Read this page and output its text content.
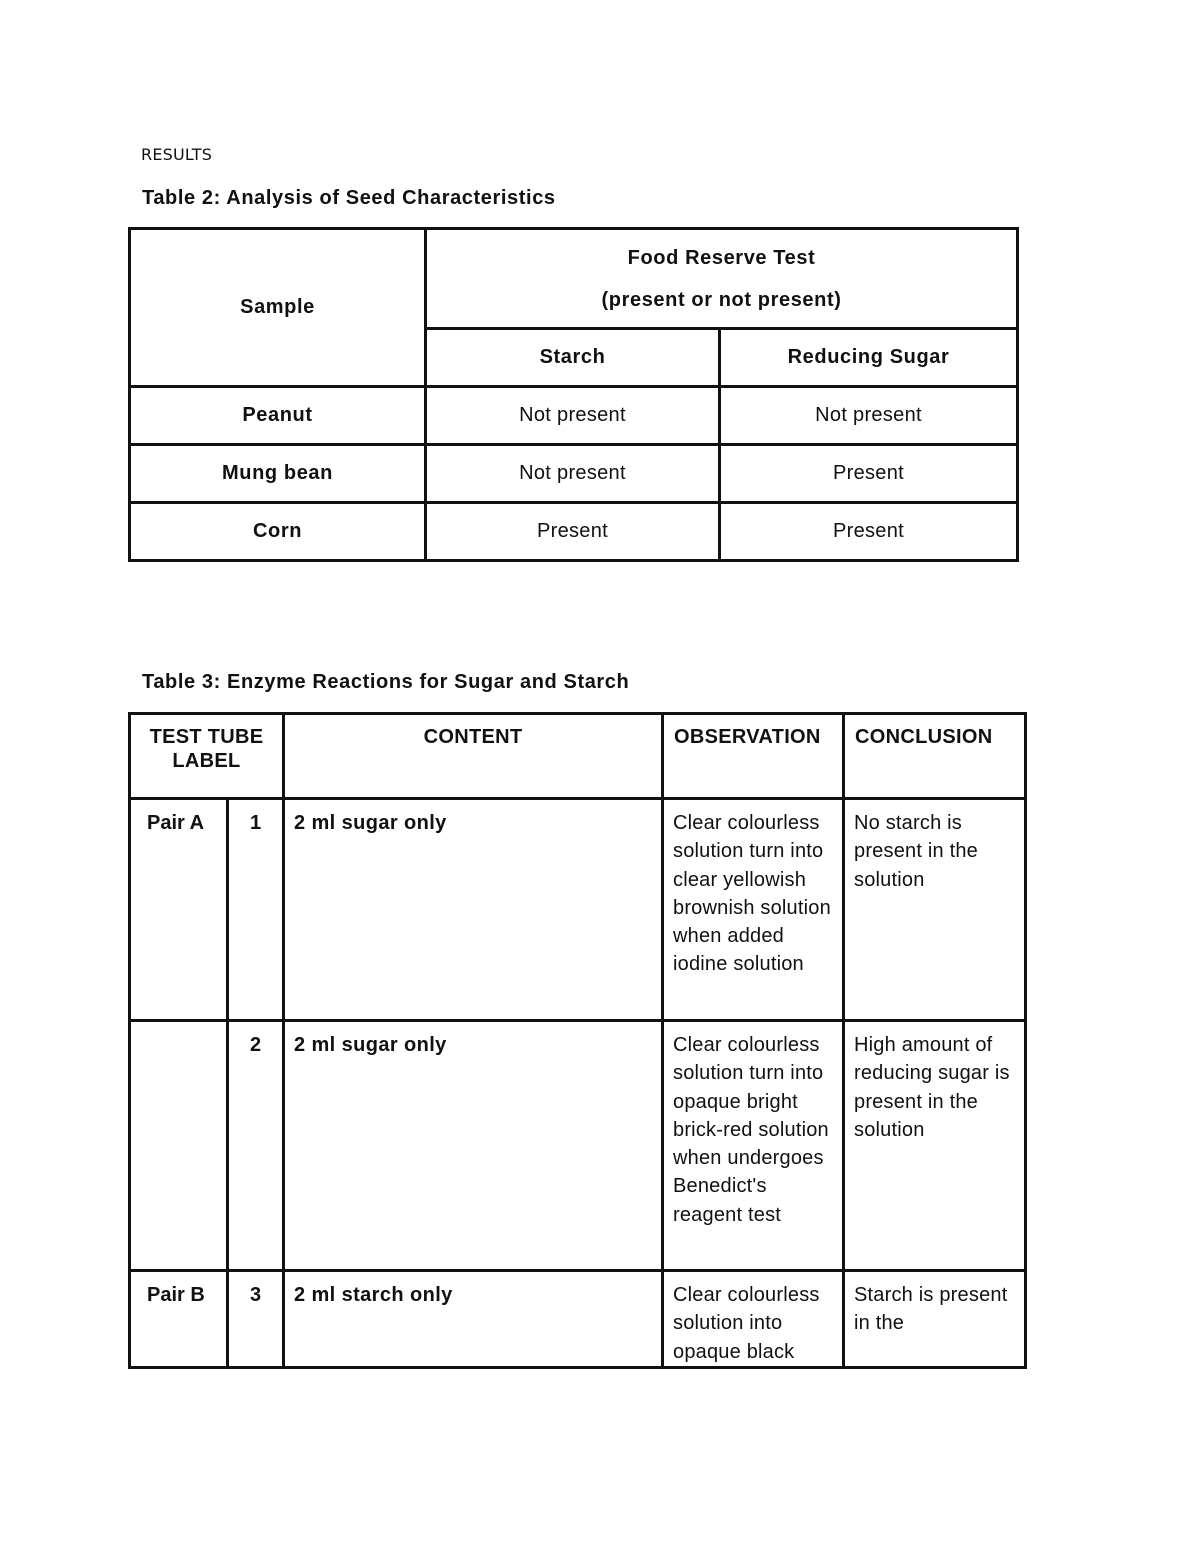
RESULTS
Table 2: Analysis of Seed Characteristics
Sample	Food Reserve Test
(present or not present)	

	Starch	Reducing Sugar
Peanut	Not present	Not present
Mung bean	Not present	Present
Corn	Present	Present
Table 3: Enzyme Reactions for Sugar and Starch
TEST TUBE LABEL		CONTENT	OBSERVATION	CONCLUSION
Pair A	1	2 ml sugar only	Clear colourless solution turn into clear yellowish brownish solution when added iodine solution	No starch is present in the solution
	2	2 ml sugar only	Clear colourless solution turn into opaque bright brick-red solution when undergoes Benedict's reagent test	High amount of reducing sugar is present in the solution
Pair B	3	2 ml starch only	Clear colourless solution into opaque black	Starch is present in the
